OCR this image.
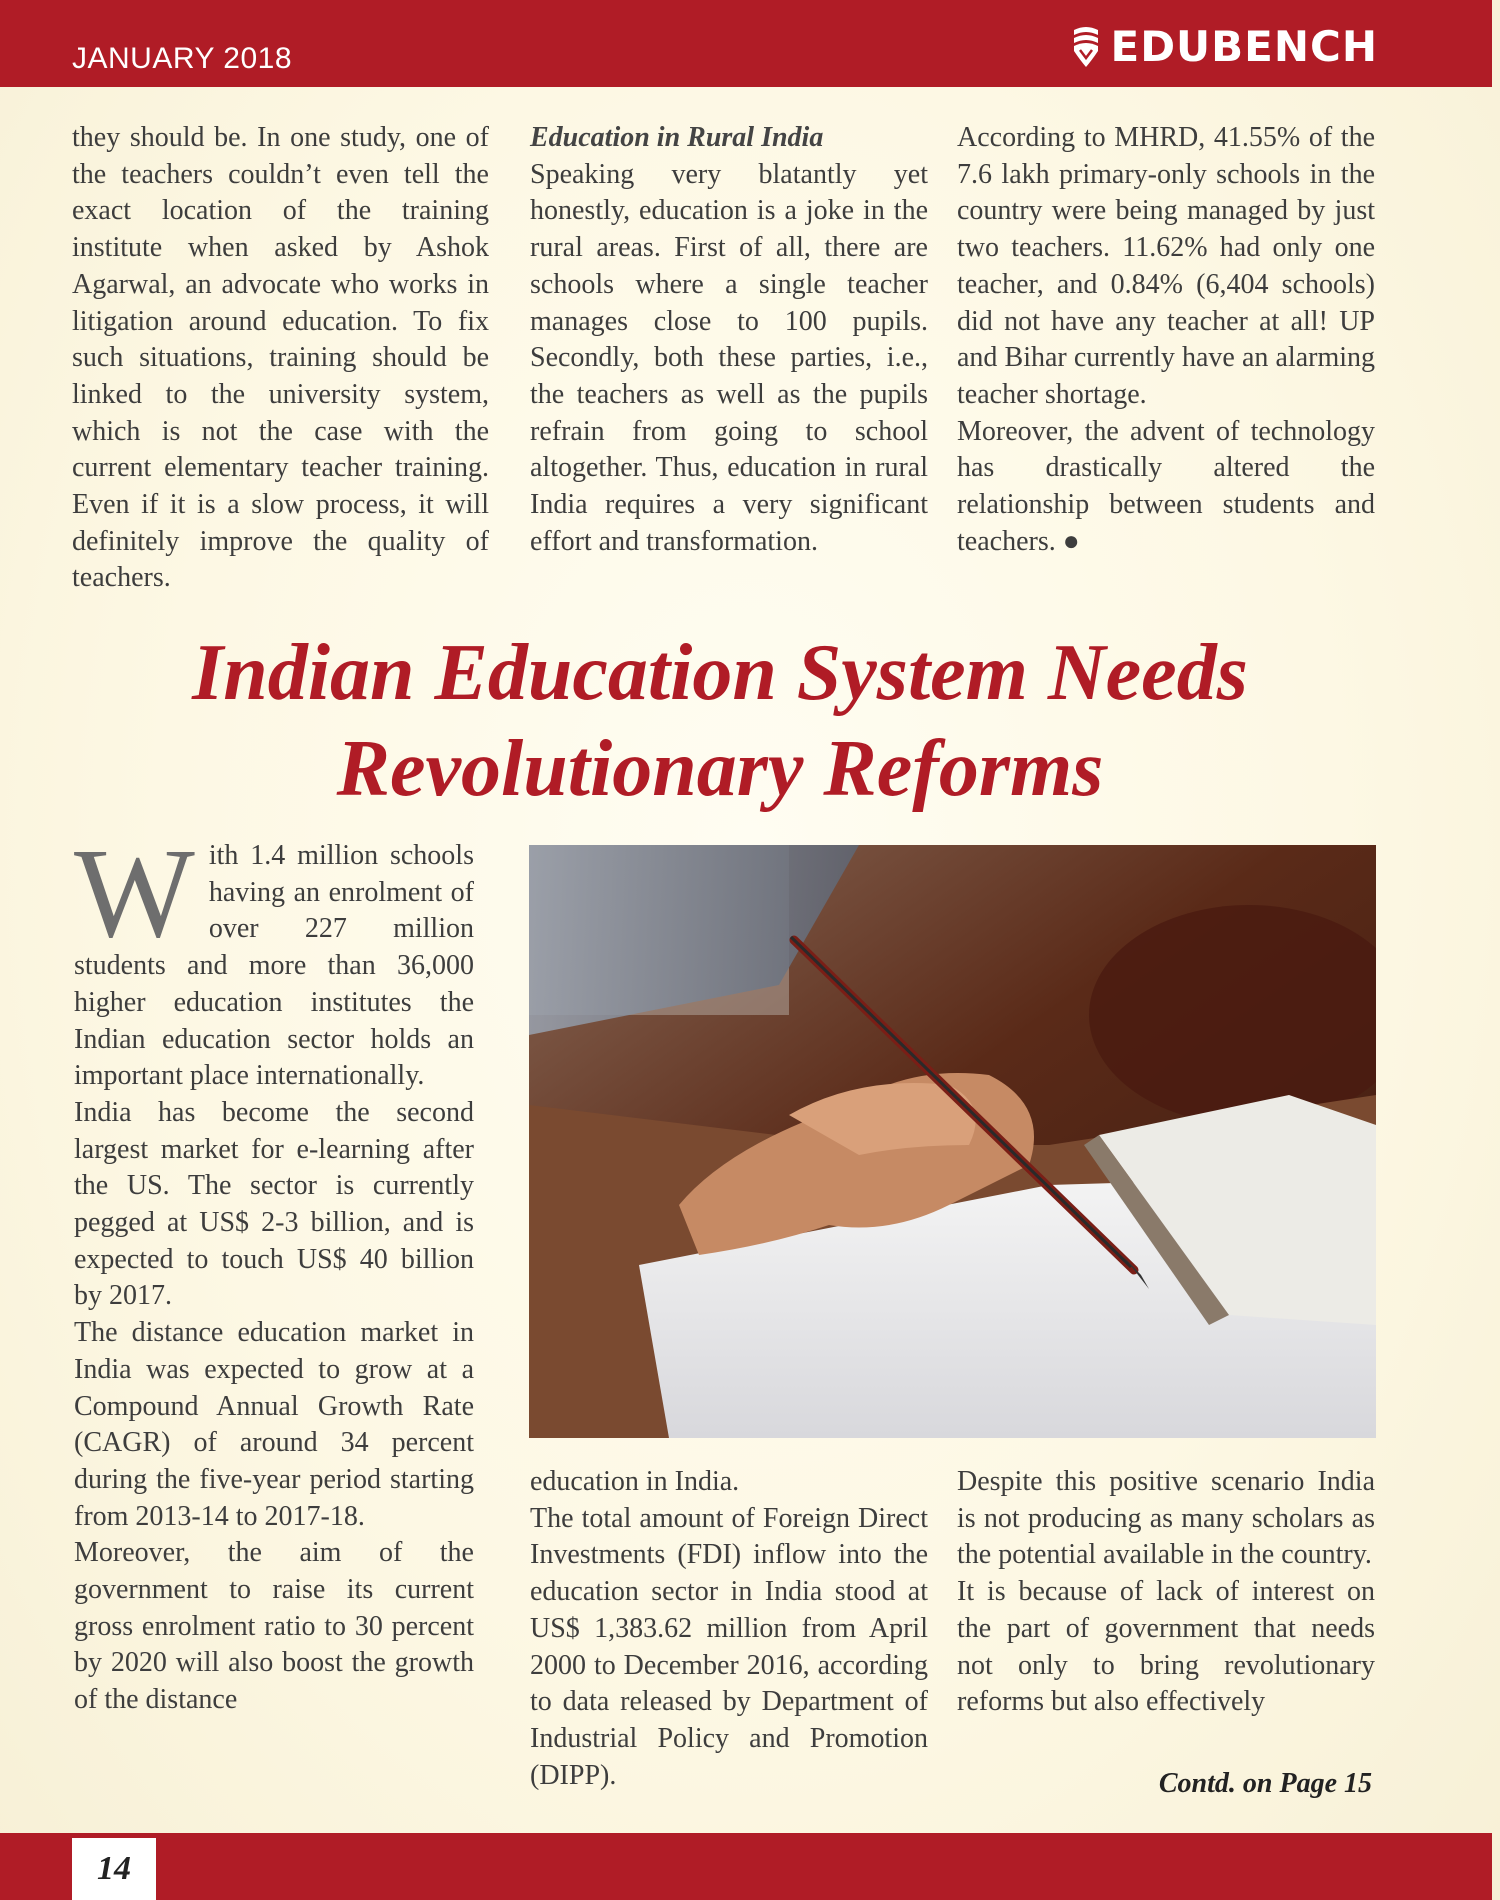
JANUARY 2018	EDUBENCH

they should be. In one study, one of the teachers couldn’t even tell the exact location of the training institute when asked by Ashok Agarwal, an advocate who works in litigation around education. To fix such situations, training should be linked to the university system, which is not the case with the current elementary teacher training. Even if it is a slow process, it will definitely improve the quality of teachers.

Education in Rural India

Speaking very blatantly yet honestly, education is a joke in the rural areas. First of all, there are schools where a single teacher manages close to 100 pupils. Secondly, both these parties, i.e., the teachers as well as the pupils refrain from going to school altogether. Thus, education in rural India requires a very significant effort and transformation.

According to MHRD, 41.55% of the 7.6 lakh primary-only schools in the country were being managed by just two teachers. 11.62% had only one teacher, and 0.84% (6,404 schools) did not have any teacher at all! UP and Bihar currently have an alarming teacher shortage.

Moreover, the advent of technology has drastically altered the relationship between students and teachers. ●

Indian Education System Needs
Revolutionary Reforms

With 1.4 million schools having an enrolment of over 227 million students and more than 36,000 higher education institutes the Indian education sector holds an important place internationally.

India has become the second largest market for e-learning after the US. The sector is currently pegged at US$ 2-3 billion, and is expected to touch US$ 40 billion by 2017.

The distance education market in India was expected to grow at a Compound Annual Growth Rate (CAGR) of around 34 percent during the five-year period starting from 2013-14 to 2017-18.

Moreover, the aim of the government to raise its current gross enrolment ratio to 30 percent by 2020 will also boost the growth of the distance

education in India.

The total amount of Foreign Direct Investments (FDI) inflow into the education sector in India stood at US$ 1,383.62 million from April 2000 to December 2016, according to data released by Department of Industrial Policy and Promotion (DIPP).

Despite this positive scenario India is not producing as many scholars as the potential available in the country.

It is because of lack of interest on the part of government that needs not only to bring revolutionary reforms but also effectively

Contd. on Page 15
14
